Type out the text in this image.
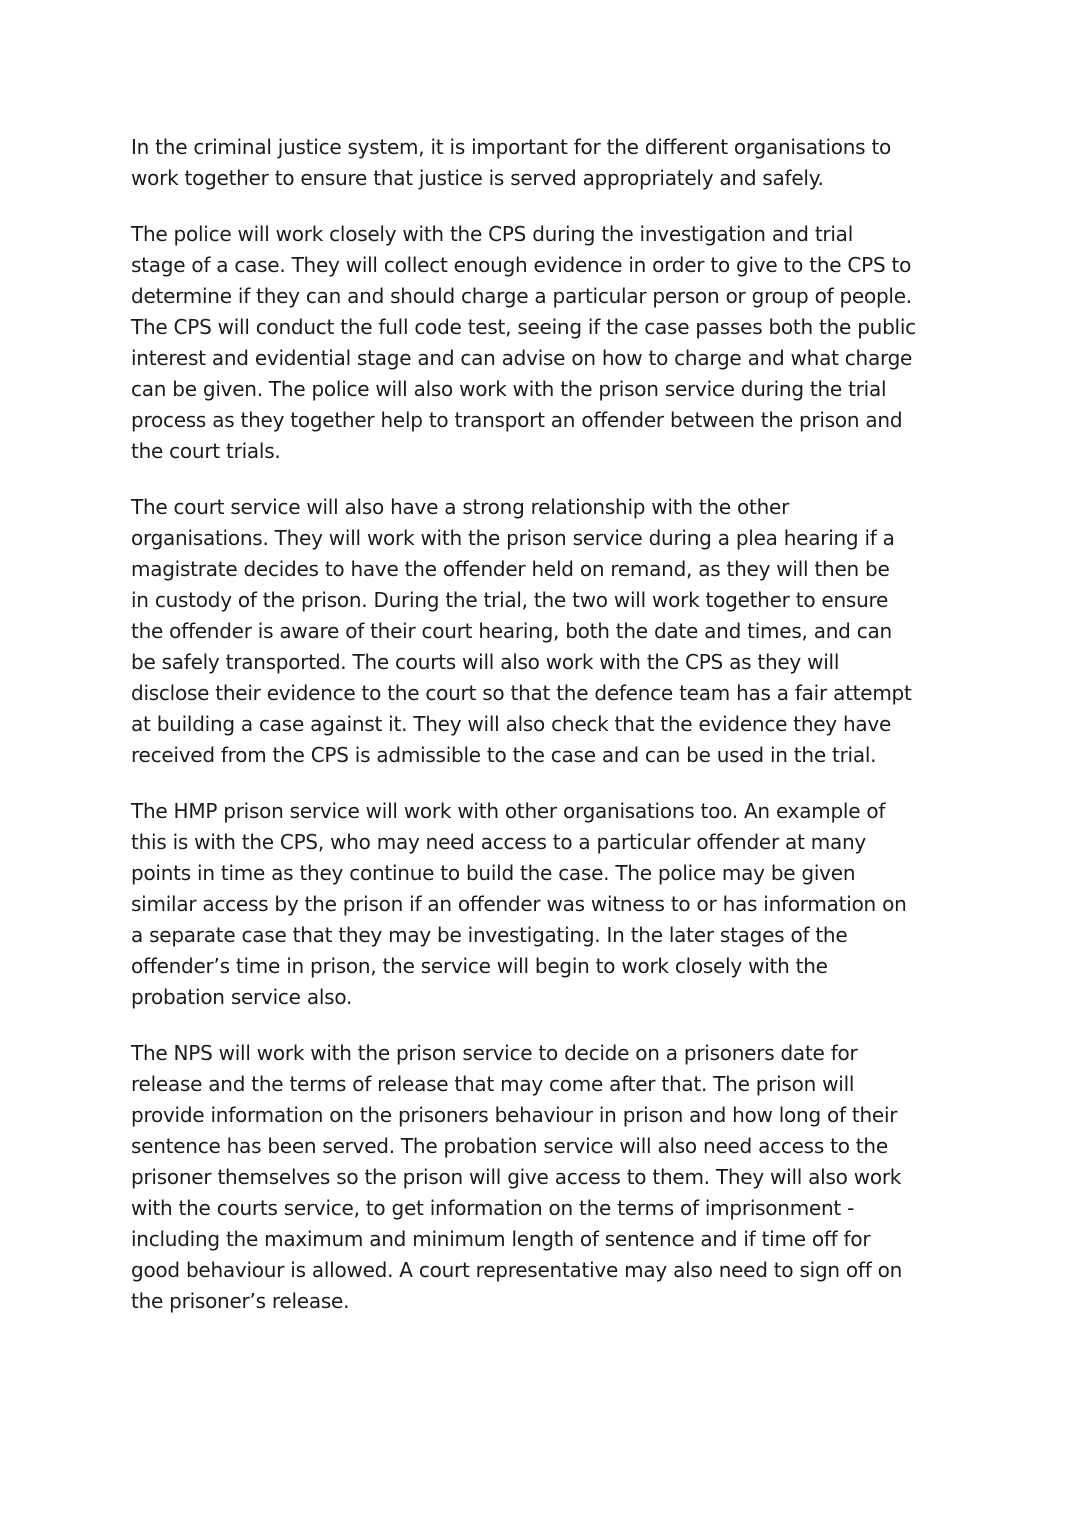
In the criminal justice system, it is important for the different organisations to
work together to ensure that justice is served appropriately and safely.

The police will work closely with the CPS during the investigation and trial
stage of a case. They will collect enough evidence in order to give to the CPS to
determine if they can and should charge a particular person or group of people.
The CPS will conduct the full code test, seeing if the case passes both the public
interest and evidential stage and can advise on how to charge and what charge
can be given. The police will also work with the prison service during the trial
process as they together help to transport an offender between the prison and
the court trials.

The court service will also have a strong relationship with the other
organisations. They will work with the prison service during a plea hearing if a
magistrate decides to have the offender held on remand, as they will then be
in custody of the prison. During the trial, the two will work together to ensure
the offender is aware of their court hearing, both the date and times, and can
be safely transported. The courts will also work with the CPS as they will
disclose their evidence to the court so that the defence team has a fair attempt
at building a case against it. They will also check that the evidence they have
received from the CPS is admissible to the case and can be used in the trial.

The HMP prison service will work with other organisations too. An example of
this is with the CPS, who may need access to a particular offender at many
points in time as they continue to build the case. The police may be given
similar access by the prison if an offender was witness to or has information on
a separate case that they may be investigating. In the later stages of the
offender’s time in prison, the service will begin to work closely with the
probation service also.

The NPS will work with the prison service to decide on a prisoners date for
release and the terms of release that may come after that. The prison will
provide information on the prisoners behaviour in prison and how long of their
sentence has been served. The probation service will also need access to the
prisoner themselves so the prison will give access to them. They will also work
with the courts service, to get information on the terms of imprisonment -
including the maximum and minimum length of sentence and if time off for
good behaviour is allowed. A court representative may also need to sign off on
the prisoner’s release.
